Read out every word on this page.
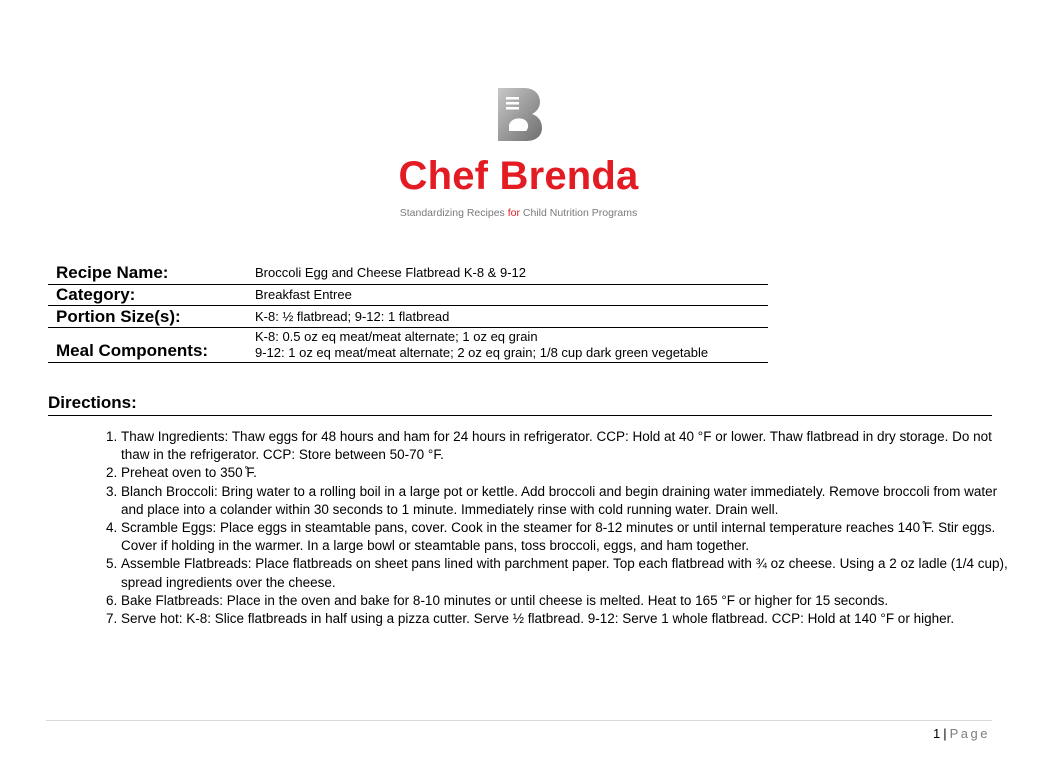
Chef Brenda
Standardizing Recipes for Child Nutrition Programs
Recipe Name:	Broccoli Egg and Cheese Flatbread K-8 & 9-12
Category:	Breakfast Entree
Portion Size(s):	K-8: ½ flatbread; 9-12: 1 flatbread
Meal Components:
K-8: 0.5 oz eq meat/meat alternate; 1 oz eq grain
9-12: 1 oz eq meat/meat alternate; 2 oz eq grain; 1/8 cup dark green vegetable
Directions:
1. Thaw Ingredients: Thaw eggs for 48 hours and ham for 24 hours in refrigerator. CCP: Hold at 40 °F or lower. Thaw flatbread in dry storage. Do not thaw in the refrigerator. CCP: Store between 50-70 °F.
2. Preheat oven to 350 ̊F.
3. Blanch Broccoli: Bring water to a rolling boil in a large pot or kettle. Add broccoli and begin draining water immediately. Remove broccoli from water and place into a colander within 30 seconds to 1 minute. Immediately rinse with cold running water. Drain well.
4. Scramble Eggs: Place eggs in steamtable pans, cover. Cook in the steamer for 8-12 minutes or until internal temperature reaches 140 ̊F. Stir eggs. Cover if holding in the warmer. In a large bowl or steamtable pans, toss broccoli, eggs, and ham together.
5. Assemble Flatbreads: Place flatbreads on sheet pans lined with parchment paper. Top each flatbread with ¾ oz cheese. Using a 2 oz ladle (1/4 cup), spread ingredients over the cheese.
6. Bake Flatbreads: Place in the oven and bake for 8-10 minutes or until cheese is melted. Heat to 165 °F or higher for 15 seconds.
7. Serve hot: K-8: Slice flatbreads in half using a pizza cutter. Serve ½ flatbread. 9-12: Serve 1 whole flatbread. CCP: Hold at 140 °F or higher.
1 | Page
